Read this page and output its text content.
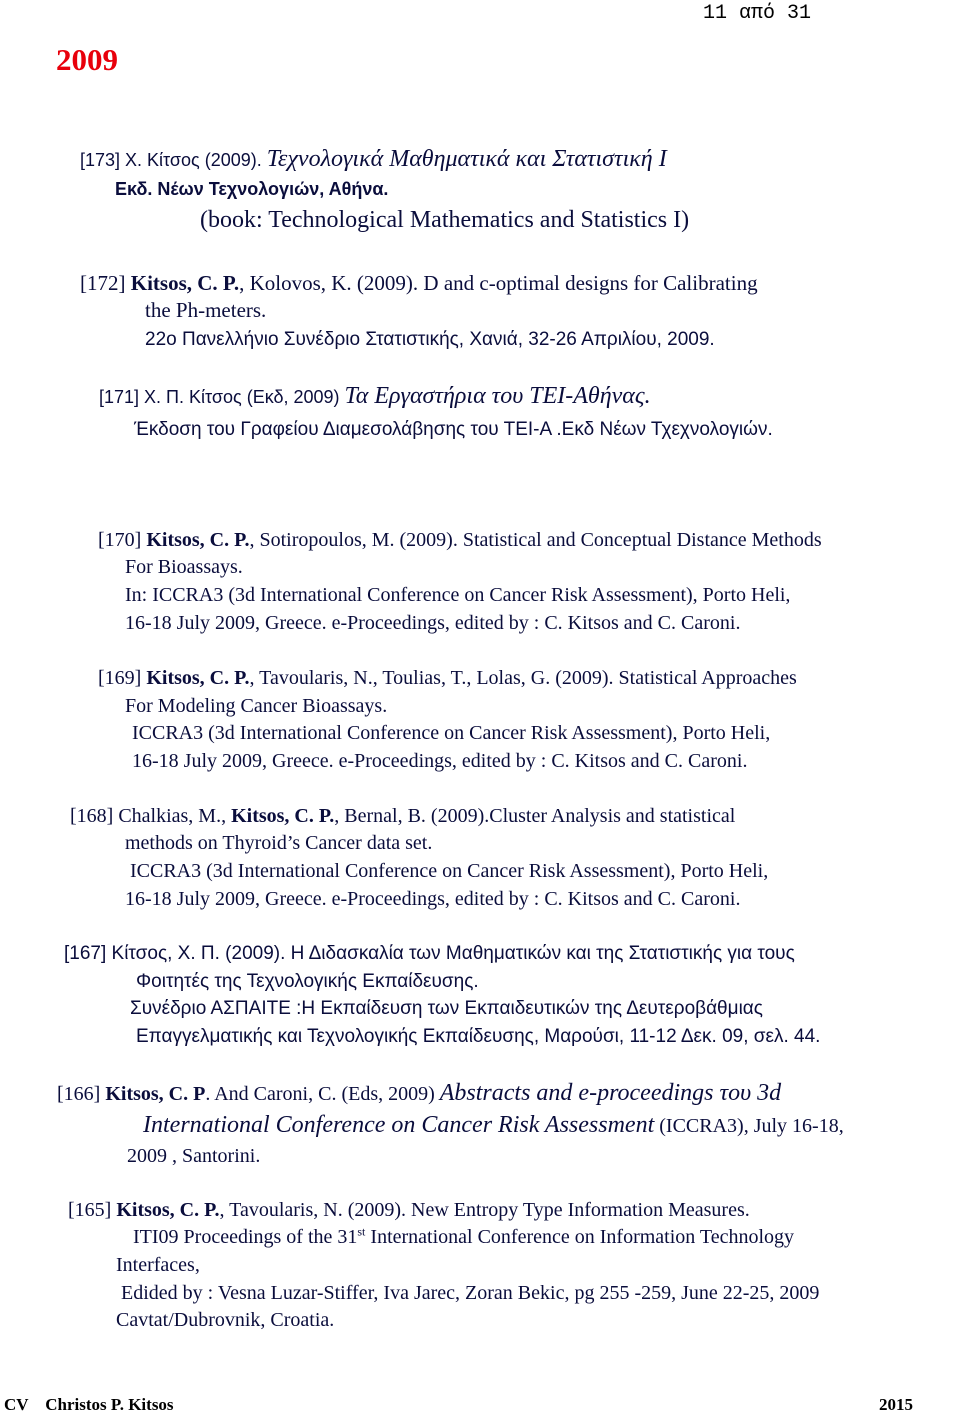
11 από 31
2009
[173] Χ. Κίτσος (2009). Τεχνολογικά Μαθηματικά και Στατιστική Ι
Εκδ. Νέων Τεχνολογιών, Αθήνα.
(book: Technological Mathematics and Statistics I)
[172] Kitsos, C. P., Kolovos, K. (2009). D and c-optimal designs for Calibrating
the Ph-meters.
22ο Πανελλήνιο Συνέδριο Στατιστικής, Χανιά, 32-26 Απριλίου, 2009.
[171] Χ. Π. Κίτσος (Εκδ, 2009) Τα Εργαστήρια του ΤΕΙ-Αθήνας.
Έκδοση του Γραφείου Διαμεσολάβησης του ΤΕΙ-Α .Εκδ Νέων Τχεχνολογιών.
[170] Kitsos, C. P., Sotiropoulos, M. (2009). Statistical and Conceptual Distance Methods
For Bioassays.
In: ICCRA3 (3d International Conference on Cancer Risk Assessment), Porto Heli,
16-18 July 2009, Greece. e-Proceedings, edited by : C. Kitsos and C. Caroni.
[169] Kitsos, C. P., Tavoularis, N., Toulias, T., Lolas, G. (2009). Statistical Approaches
For Modeling Cancer Bioassays.
ICCRA3 (3d International Conference on Cancer Risk Assessment), Porto Heli,
16-18 July 2009, Greece. e-Proceedings, edited by : C. Kitsos and C. Caroni.
[168] Chalkias, M., Kitsos, C. P., Bernal, B. (2009).Cluster Analysis and statistical
methods on Thyroid’s Cancer data set.
ICCRA3 (3d International Conference on Cancer Risk Assessment), Porto Heli,
16-18 July 2009, Greece. e-Proceedings, edited by : C. Kitsos and C. Caroni.
[167] Κίτσος, Χ. Π. (2009). Η Διδασκαλία των Μαθηματικών και της Στατιστικής για τους
Φοιτητές της Τεχνολογικής Εκπαίδευσης.
Συνέδριο ΑΣΠΑΙΤΕ :Η Εκπαίδευση των Εκπαιδευτικών της Δευτεροβάθμιας
Επαγγελματικής και Τεχνολογικής Εκπαίδευσης, Μαρούσι, 11-12 Δεκ. 09, σελ. 44.
[166] Kitsos, C. P. And Caroni, C. (Eds, 2009) Abstracts and e-proceedings του 3d
International Conference on Cancer Risk Assessment (ICCRA3), July 16-18,
2009 , Santorini.
[165] Kitsos, C. P., Tavoularis, N. (2009). New Entropy Type Information Measures.
ITI09 Proceedings of the 31st International Conference on Information Technology
Interfaces,
Edided by : Vesna Luzar-Stiffer, Iva Jarec, Zoran Bekic, pg 255 -259, June 22-25, 2009
Cavtat/Dubrovnik, Croatia.
CV    Christos P. Kitsos	2015
